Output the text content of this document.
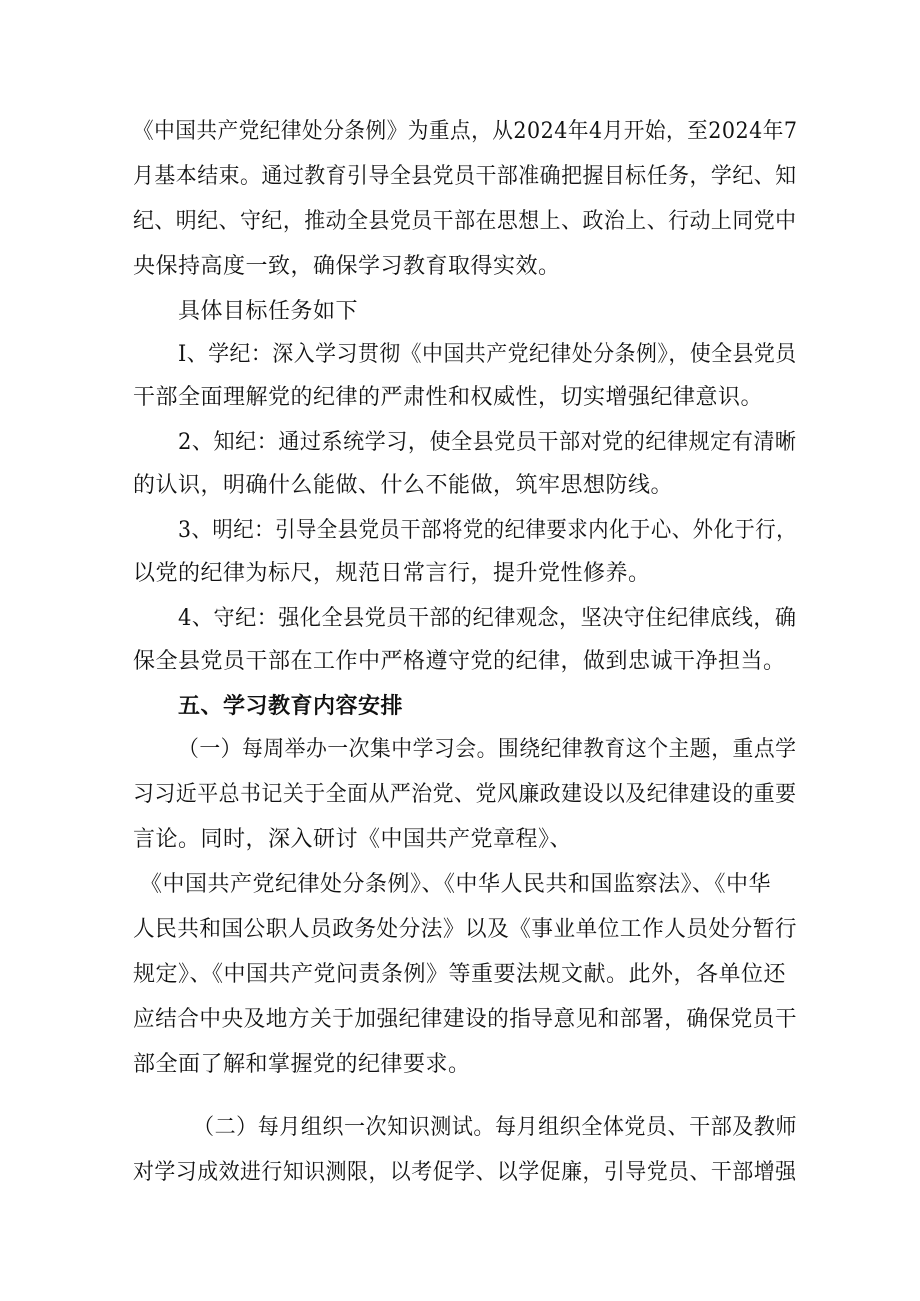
《中国共产党纪律处分条例》为重点，从2024年4月开始，至2024年7
月基本结束。通过教育引导全县党员干部准确把握目标任务，学纪、知
纪、明纪、守纪，推动全县党员干部在思想上、政治上、行动上同党中
央保持高度一致，确保学习教育取得实效。
具体目标任务如下
I、学纪：深入学习贯彻《中国共产党纪律处分条例》，使全县党员
干部全面理解党的纪律的严肃性和权威性，切实增强纪律意识。
2、知纪：通过系统学习，使全县党员干部对党的纪律规定有清晰
的认识，明确什么能做、什么不能做，筑牢思想防线。
3、明纪：引导全县党员干部将党的纪律要求内化于心、外化于行，
以党的纪律为标尺，规范日常言行，提升党性修养。
4、守纪：强化全县党员干部的纪律观念，坚决守住纪律底线，确
保全县党员干部在工作中严格遵守党的纪律，做到忠诚干净担当。
五、学习教育内容安排
（一）每周举办一次集中学习会。围绕纪律教育这个主题，重点学
习习近平总书记关于全面从严治党、党风廉政建设以及纪律建设的重要
言论。同时，深入研讨《中国共产党章程》、
《中国共产党纪律处分条例》、《中华人民共和国监察法》、《中华
人民共和国公职人员政务处分法》以及《事业单位工作人员处分暂行
规定》、《中国共产党问责条例》等重要法规文献。此外，各单位还
应结合中央及地方关于加强纪律建设的指导意见和部署，确保党员干
部全面了解和掌握党的纪律要求。
（二）每月组织一次知识测试。每月组织全体党员、干部及教师
对学习成效进行知识测限，以考促学、以学促廉，引导党员、干部增强
